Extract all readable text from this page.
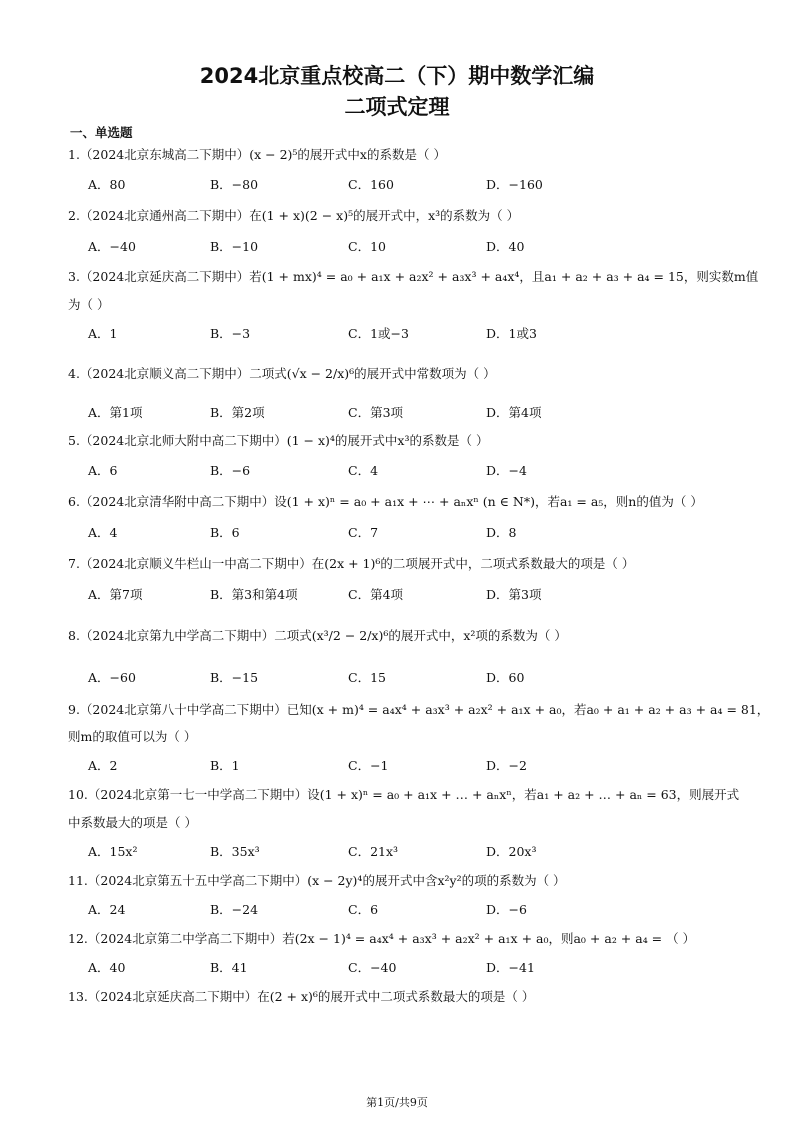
2024北京重点校高二（下）期中数学汇编
二项式定理
一、单选题
1.（2024北京东城高二下期中）(x − 2)⁵的展开式中x的系数是（ ）
A．80	B．−80	C．160	D．−160
2.（2024北京通州高二下期中）在(1 + x)(2 − x)⁵的展开式中，x³的系数为（ ）
A．−40	B．−10	C．10	D．40
3.（2024北京延庆高二下期中）若(1 + mx)⁴ = a₀ + a₁x + a₂x² + a₃x³ + a₄x⁴，且a₁ + a₂ + a₃ + a₄ = 15，则实数m值
为（ ）
A．1	B．−3	C．1或−3	D．1或3
4.（2024北京顺义高二下期中）二项式(√x − 2/x)⁶的展开式中常数项为（ ）
A．第1项	B．第2项	C．第3项	D．第4项
5.（2024北京北师大附中高二下期中）(1 − x)⁴的展开式中x³的系数是（ ）
A．6	B．−6	C．4	D．−4
6.（2024北京清华附中高二下期中）设(1 + x)ⁿ = a₀ + a₁x + ⋯ + aₙxⁿ (n ∈ N*)，若a₁ = a₅，则n的值为（ ）
A．4	B．6	C．7	D．8
7.（2024北京顺义牛栏山一中高二下期中）在(2x + 1)⁶的二项展开式中，二项式系数最大的项是（ ）
A．第7项	B．第3和第4项	C．第4项	D．第3项
8.（2024北京第九中学高二下期中）二项式(x³/2 − 2/x)⁶的展开式中，x²项的系数为（ ）
A．−60	B．−15	C．15	D．60
9.（2024北京第八十中学高二下期中）已知(x + m)⁴ = a₄x⁴ + a₃x³ + a₂x² + a₁x + a₀，若a₀ + a₁ + a₂ + a₃ + a₄ = 81，
则m的取值可以为（ ）
A．2	B．1	C．−1	D．−2
10.（2024北京第一七一中学高二下期中）设(1 + x)ⁿ = a₀ + a₁x + … + aₙxⁿ，若a₁ + a₂ + … + aₙ = 63，则展开式
中系数最大的项是（ ）
A．15x²	B．35x³	C．21x³	D．20x³
11.（2024北京第五十五中学高二下期中）(x − 2y)⁴的展开式中含x²y²的项的系数为（ ）
A．24	B．−24	C．6	D．−6
12.（2024北京第二中学高二下期中）若(2x − 1)⁴ = a₄x⁴ + a₃x³ + a₂x² + a₁x + a₀，则a₀ + a₂ + a₄ = （ ）
A．40	B．41	C．−40	D．−41
13.（2024北京延庆高二下期中）在(2 + x)⁶的展开式中二项式系数最大的项是（ ）
第1页/共9页
